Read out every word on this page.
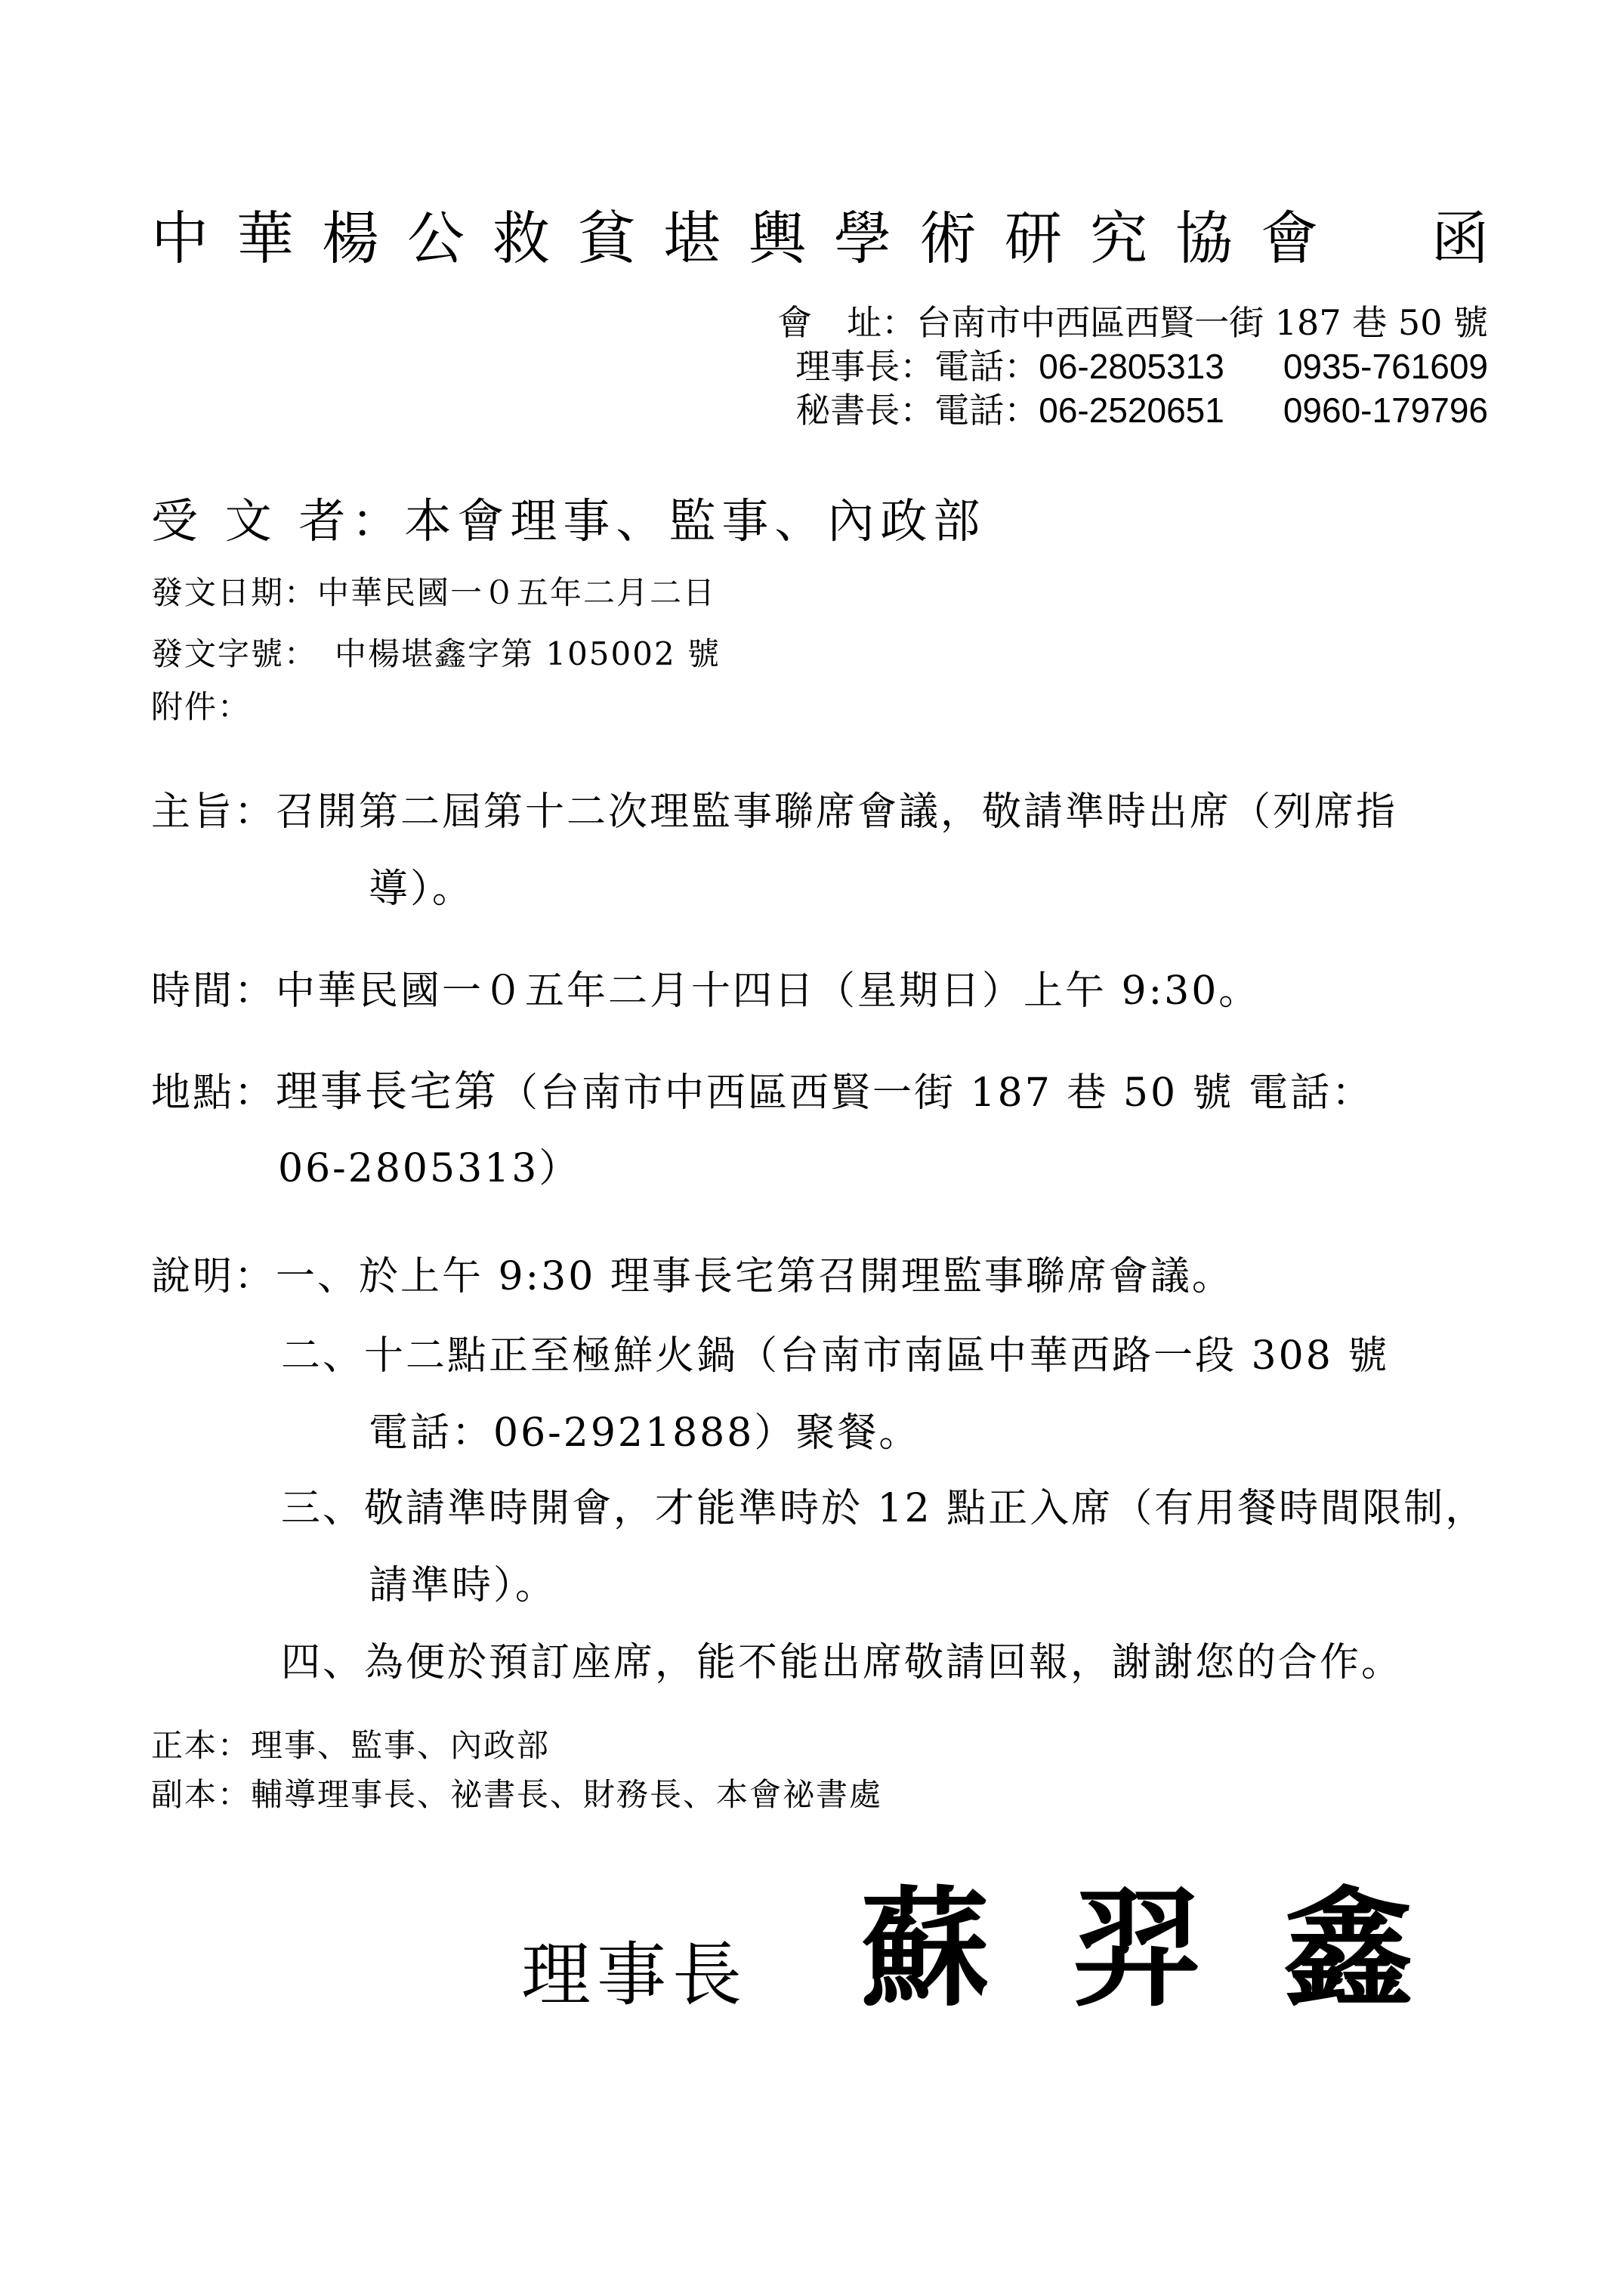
中華楊公救貧堪輿學術研究協會　函
會　址：台南市中西區西賢一街 187 巷 50 號
理事長：電話：06-2805313 0935-761609
秘書長：電話：06-2520651 0960-179796
受 文 者：本會理事、監事、內政部
發文日期：中華民國一０五年二月二日
發文字號：　中楊堪鑫字第 105002 號
附件：
主旨：召開第二屆第十二次理監事聯席會議，敬請準時出席（列席指
導）。
時間：中華民國一０五年二月十四日（星期日）上午 9:30。
地點：理事長宅第（台南市中西區西賢一街 187 巷 50 號 電話：
06-2805313）
說明：一、於上午 9:30 理事長宅第召開理監事聯席會議。
二、十二點正至極鮮火鍋（台南市南區中華西路一段 308 號
電話：06-2921888）聚餐。
三、敬請準時開會，才能準時於 12 點正入席（有用餐時間限制，
請準時）。
四、為便於預訂座席，能不能出席敬請回報，謝謝您的合作。
正本：理事、監事、內政部
副本：輔導理事長、祕書長、財務長、本會祕書處
理事長 蘇羿鑫
